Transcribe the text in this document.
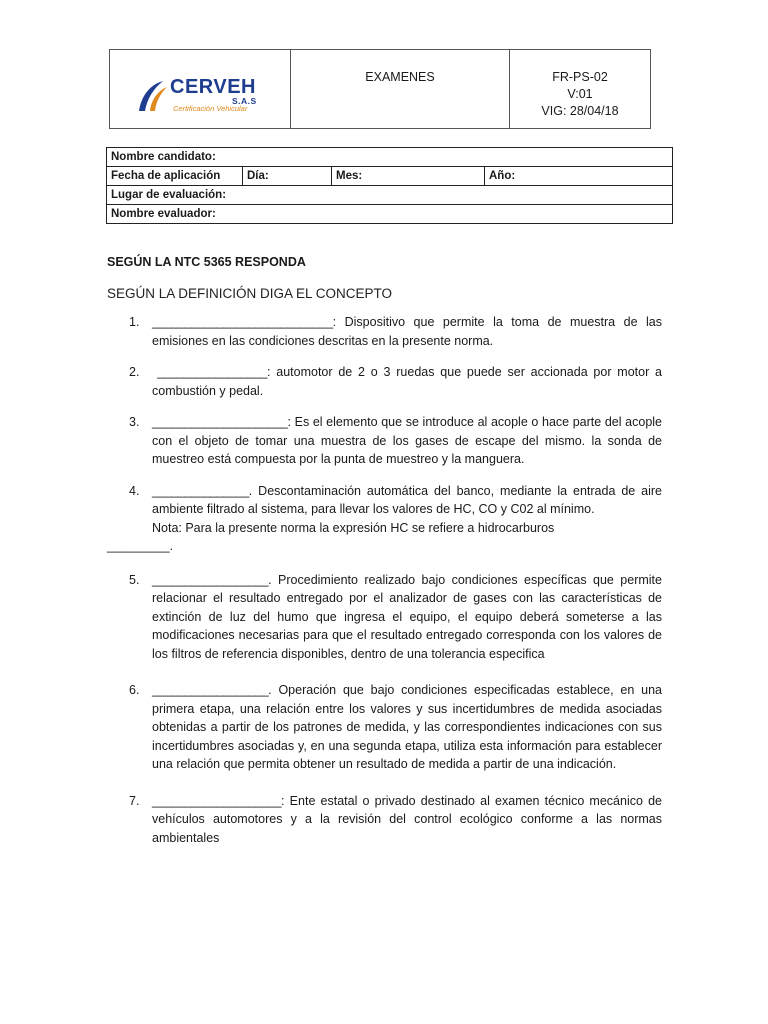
CERVEH
S.A.S
Certificación Vehicular
	EXAMENES	FR-PS-02
V:01
VIG: 28/04/18
Nombre candidato:
Fecha de aplicación	Día:	Mes:	Año:
Lugar de evaluación:
Nombre evaluador:

SEGÚN LA NTC 5365 RESPONDA

SEGÚN LA DEFINICIÓN DIGA EL CONCEPTO

1. ____________________________: Dispositivo que permite la toma de muestra de las emisiones en las condiciones descritas en la presente norma.
2. _________________: automotor de 2 o 3 ruedas que puede ser accionada por motor a combustión y pedal.
3. _____________________: Es el elemento que se introduce al acople o hace parte del acople con el objeto de tomar una muestra de los gases de escape del mismo. la sonda de muestreo está compuesta por la punta de muestreo y la manguera.
4. _______________. Descontaminación automática del banco, mediante la entrada de aire ambiente filtrado al sistema, para llevar los valores de HC, CO y C02 al mínimo.

Nota: Para la presente norma la expresión HC se refiere a hidrocarburos

_________.

5. __________________. Procedimiento realizado bajo condiciones específicas que permite relacionar el resultado entregado por el analizador de gases con las características de extinción de luz del humo que ingresa el equipo, el equipo deberá someterse a las modificaciones necesarias para que el resultado entregado corresponda con los valores de los filtros de referencia disponibles, dentro de una tolerancia especifica
6. __________________. Operación que bajo condiciones especificadas establece, en una primera etapa, una relación entre los valores y sus incertidumbres de medida asociadas obtenidas a partir de los patrones de medida, y las correspondientes indicaciones con sus incertidumbres asociadas y, en una segunda etapa, utiliza esta información para establecer una relación que permita obtener un resultado de medida a partir de una indicación.
7. ____________________: Ente estatal o privado destinado al examen técnico mecánico de vehículos automotores y a la revisión del control ecológico conforme a las normas ambientales
